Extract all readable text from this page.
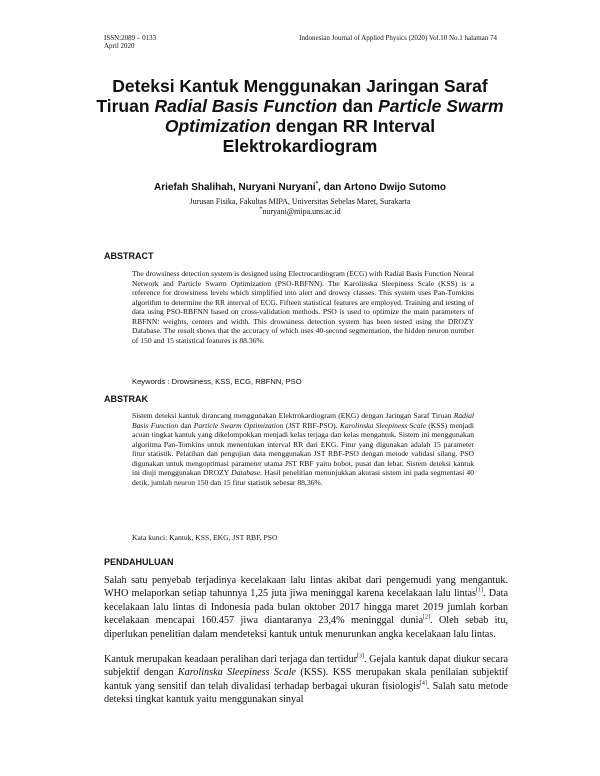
ISSN:2089 – 0133
April 2020
Indonesian Journal of Applied Physics (2020) Vol.10 No.1 halaman 74
Deteksi Kantuk Menggunakan Jaringan Saraf
Tiruan Radial Basis Function dan Particle Swarm
Optimization dengan RR Interval
Elektrokardiogram
Ariefah Shalihah, Nuryani Nuryani*, dan Artono Dwijo Sutomo
Jurusan Fisika, Fakultas MIPA, Universitas Sebelas Maret, Surakarta
*nuryani@mipa.uns.ac.id
ABSTRACT
The drowsiness detection system is designed using Electrocardiogram (ECG) with Radial Basis Function Neural Network and Particle Swarm Optimization (PSO-RBFNN). The Karolinska Sleepiness Scale (KSS) is a reference for drowsiness levels which simplified into alert and drowsy classes. This system uses Pan-Tomkins algorithm to determine the RR interval of ECG. Fifteen statistical features are employed. Training and testing of data using PSO-RBFNN based on cross-validation methods. PSO is used to optimize the main parameters of RBFNN: weights, centers and width. This drowsiness detection system has been tested using the DROZY Database. The result shows that the accuracy of which uses 40-second segmentation, the hidden neuron number of 150 and 15 statistical features is 88.36%.
Keywords : Drowsiness, KSS, ECG, RBFNN, PSO
ABSTRAK
Sistem deteksi kantuk dirancang menggunakan Elektrokardiogram (EKG) dengan Jaringan Saraf Tiruan Radial Basis Function dan Particle Swarm Optimization (JST RBF-PSO). Karolinska Sleepiness Scale (KSS) menjadi acuan tingkat kantuk yang dikelompokkan menjadi kelas terjaga dan kelas mengantuk. Sistem ini menggunakan algoritma Pan-Tomkins untuk menentukan interval RR dari EKG. Fitur yang digunakan adalah 15 parameter fitur statistik. Pelatihan dan pengujian data menggunakan JST RBF-PSO dengan metode validasi silang. PSO digunakan untuk mengoptimasi parameter utama JST RBF yaitu bobot, pusat dan lebar. Sistem deteksi kantuk ini diuji menggunakan DROZY Database. Hasil penelitian menunjukkan akurasi sistem ini pada segmentasi 40 detik, jumlah neuron 150 dan 15 fitur statistik sebesar 88,36%.
Kata kunci: Kantuk, KSS, EKG, JST RBF, PSO
PENDAHULUAN
Salah satu penyebab terjadinya kecelakaan lalu lintas akibat dari pengemudi yang mengantuk. WHO melaporkan setiap tahunnya 1,25 juta jiwa meninggal karena kecelakaan lalu lintas[1]. Data kecelakaan lalu lintas di Indonesia pada bulan oktober 2017 hingga maret 2019 jumlah korban kecelakaan mencapai 160.457 jiwa diantaranya 23,4% meninggal dunia[2]. Oleh sebab itu, diperlukan penelitian dalam mendeteksi kantuk untuk menurunkan angka kecelakaan lalu lintas.
Kantuk merupakan keadaan peralihan dari terjaga dan tertidur[3]. Gejala kantuk dapat diukur secara subjektif dengan Karolinska Sleepiness Scale (KSS). KSS merupakan skala penilaian subjektif kantuk yang sensitif dan telah divalidasi terhadap berbagai ukuran fisiologis[4]. Salah satu metode deteksi tingkat kantuk yaitu menggunakan sinyal
